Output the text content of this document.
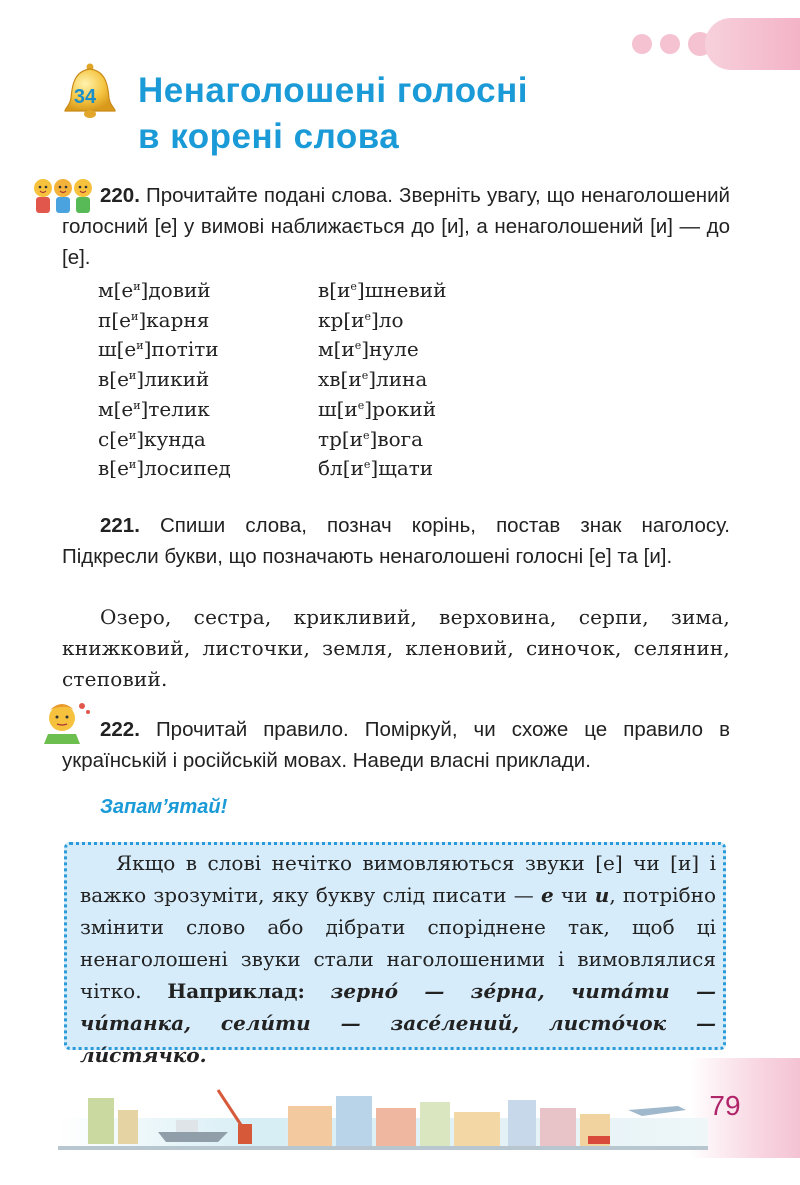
34 Ненаголошені голосні
в корені слова
220. Прочитайте подані слова. Зверніть увагу, що ненаголошений голосний [е] у вимові наближається до [и], а ненаголошений [и] — до [е].
$м[е^и]довий$
$п[е^и]карня$
$ш[е^и]потіти$
$в[е^и]ликий$
$м[е^и]телик$
$с[е^и]кунда$
$в[е^и]лосипед$
$в[и^е]шневий$
$кр[и^е]ло$
$м[и^е]нуле$
$хв[и^е]лина$
$ш[и^е]рокий$
$тр[и^е]вога$
$бл[и^е]щати$
221. Спиши слова, познач корінь, постав знак наголосу. Підкресли букви, що позначають ненаголошені голосні [е] та [и].
Озеро, сестра, крикливий, верховина, серпи, зима, книжковий, листочки, земля, кленовий, синочок, селянин, степовий.
222. Прочитай правило. Поміркуй, чи схоже це правило в українській і російській мовах. Наведи власні приклади.
Запам’ятай!
Якщо в слові нечітко вимовляються звуки [е] чи [и] і важко зрозуміти, яку букву слід писати — е чи и, потрібно змінити слово або дібрати споріднене так, щоб ці ненаголошені звуки стали наголошеними і вимовлялися чітко. Наприклад: зерно́ — зе́рна, чита́ти — чи́танка, сели́ти — засе́лений, листо́чок — ли́стячко.
79
